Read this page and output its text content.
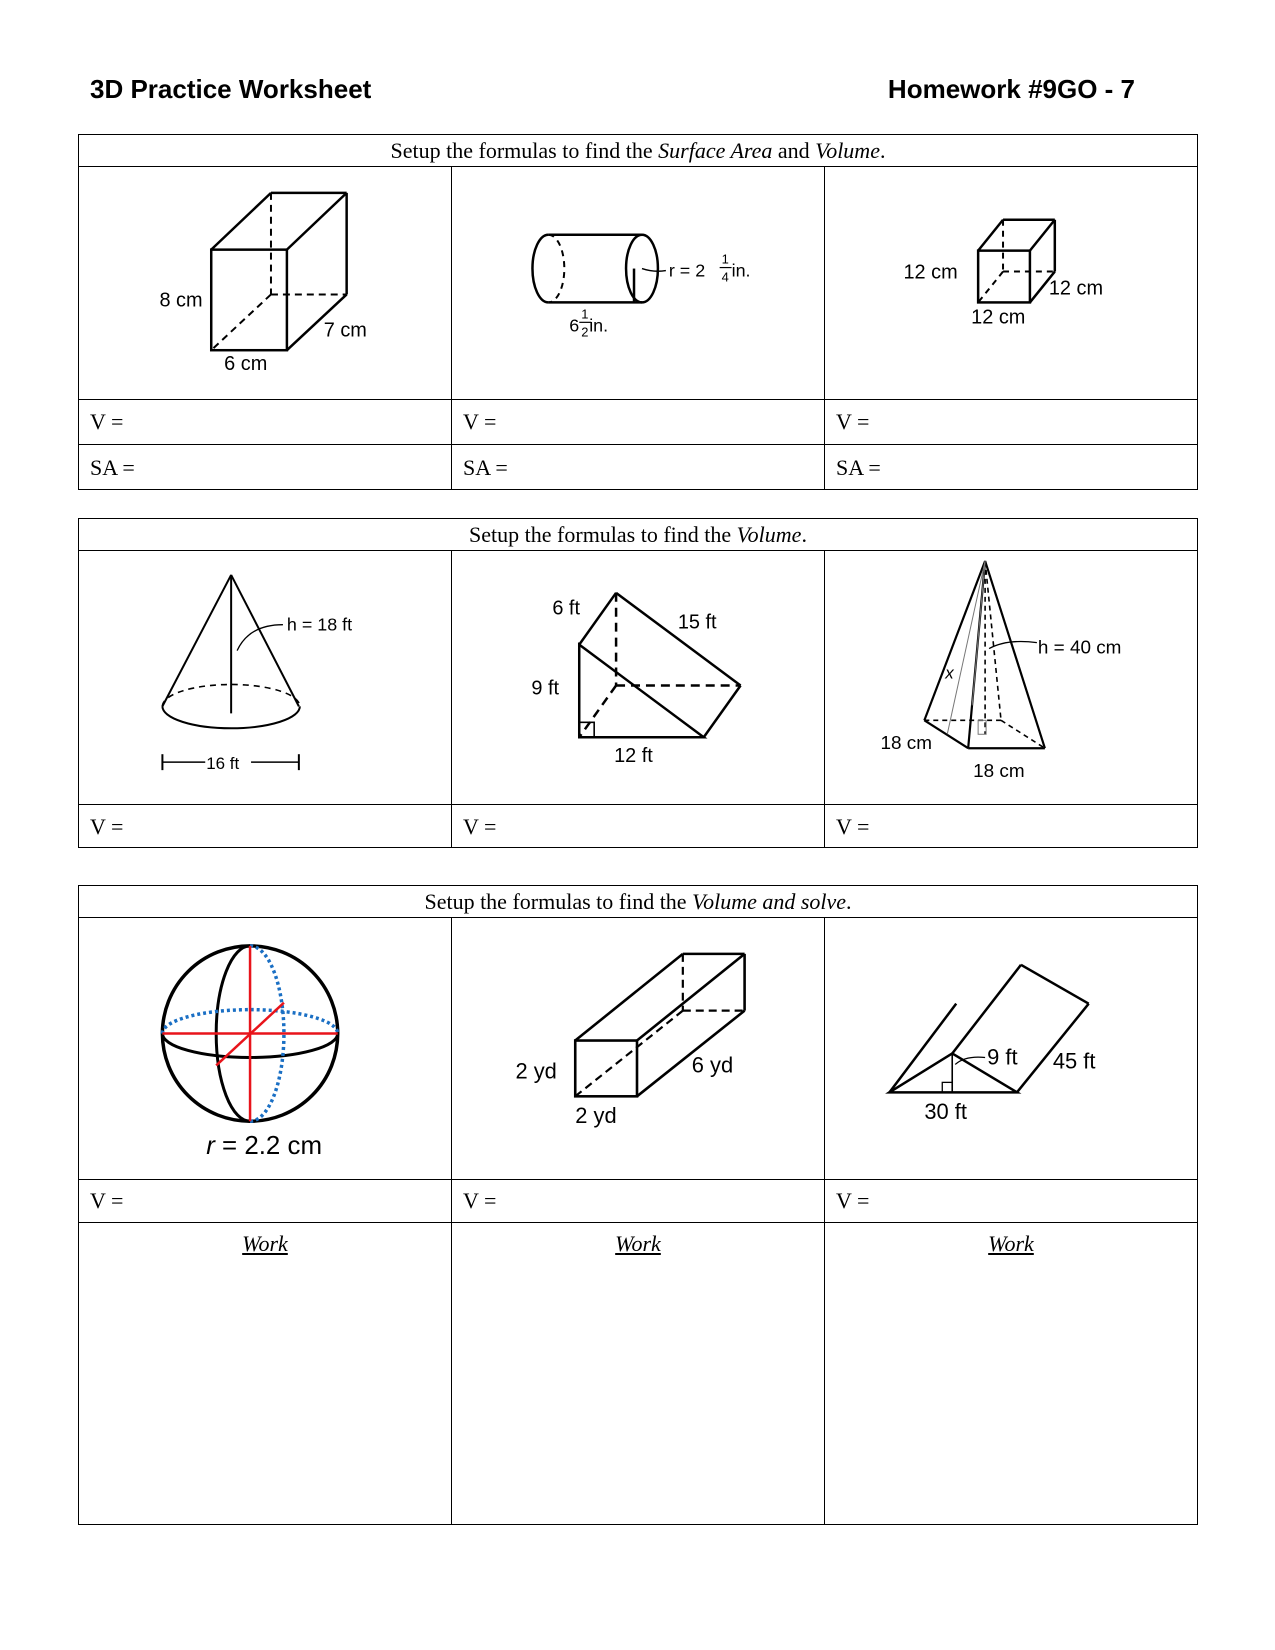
3D Practice Worksheet	Homework #9GO - 7
Setup the formulas to find the Surface Area and Volume.
8 cm
7 cm
6 cm
r = 2
1
4 in.
6
1
2 in.
12 cm
12 cm
12 cm
V =	V =	V =
SA =	SA =	SA =
Setup the formulas to find the Volume.
h = 18 ft
16 ft
6 ft
15 ft
9 ft
12 ft
h = 40 cm
x
18 cm
18 cm
V =	V =	V =
Setup the formulas to find the Volume and solve.
r = 2.2 cm
2 yd
2 yd
6 yd	9 ft 45 ft
30 ft
V =	V =	V =
Work	Work	Work
